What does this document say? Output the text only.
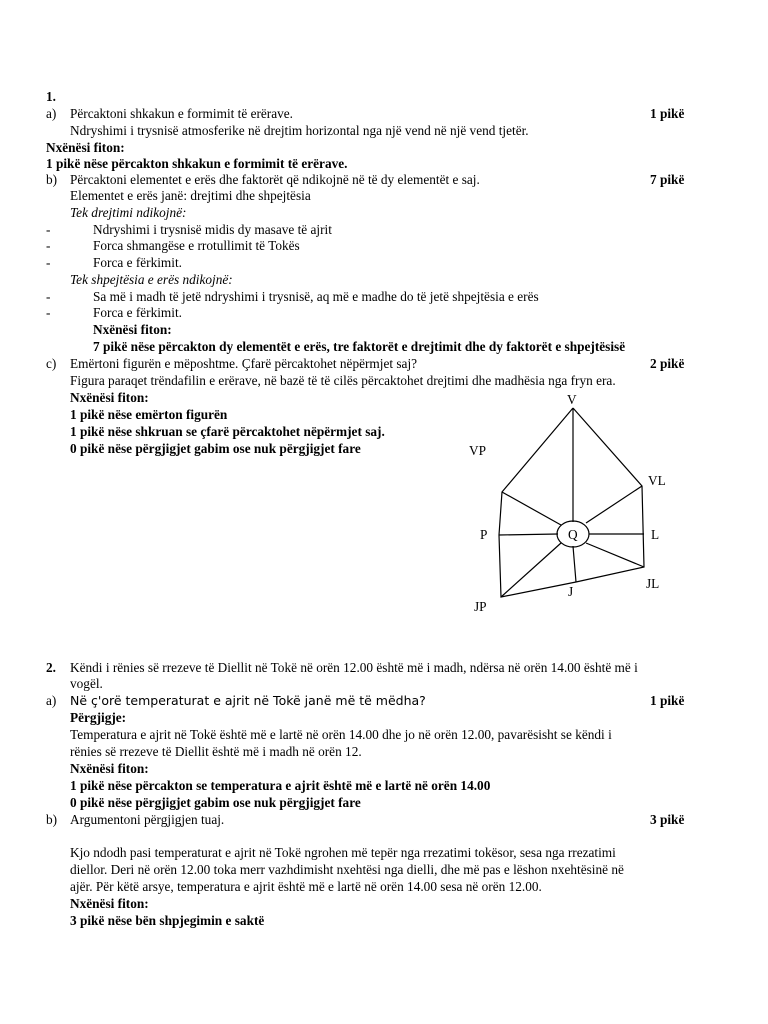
1.
a) Përcaktoni shkakun e formimit të erërave.	1 pikë
Ndryshimi i trysnisë atmosferike në drejtim horizontal nga një vend në një vend tjetër.
Nxënësi fiton:
1 pikë nëse përcakton shkakun e formimit të erërave.
b) Përcaktoni elementet e erës dhe faktorët që ndikojnë në të dy elementët e saj.	7 pikë
Elementet e erës janë: drejtimi dhe shpejtësia
Tek drejtimi ndikojnë:
-	Ndryshimi i trysnisë midis dy masave të ajrit
-	Forca shmangëse e rrotullimit të Tokës
-	Forca e fërkimit.
Tek shpejtësia e erës ndikojnë:
-	Sa më i madh të jetë ndryshimi i trysnisë, aq më e madhe do të jetë shpejtësia e erës
-	Forca e fërkimit.
Nxënësi fiton:
7 pikë nëse përcakton dy elementët e erës, tre faktorët e drejtimit dhe dy faktorët e shpejtësisë
c) Emërtoni figurën e mëposhtme. Çfarë përcaktohet nëpërmjet saj?	2 pikë
Figura paraqet trëndafilin e erërave, në bazë të të cilës përcaktohet drejtimi dhe madhësia nga fryn era.
Nxënësi fiton:
1 pikë nëse emërton figurën
1 pikë nëse shkruan se çfarë përcaktohet nëpërmjet saj.
0 pikë nëse përgjigjet gabim ose nuk përgjigjet fare
V
VP
VL
P	Q	L
JP
J
JL
2. Këndi i rënies së rrezeve të Diellit në Tokë në orën 12.00 është më i madh, ndërsa në orën 14.00 është më i
vogël.
a) Në ç'orë temperaturat e ajrit në Tokë janë më të mëdha?	1 pikë
Përgjigje:
Temperatura e ajrit në Tokë është më e lartë në orën 14.00 dhe jo në orën 12.00, pavarësisht se këndi i
rënies së rrezeve të Diellit është më i madh në orën 12.
Nxënësi fiton:
1 pikë nëse përcakton se temperatura e ajrit është më e lartë në orën 14.00
0 pikë nëse përgjigjet gabim ose nuk përgjigjet fare
b) Argumentoni përgjigjen tuaj.	3 pikë
Kjo ndodh pasi temperaturat e ajrit në Tokë ngrohen më tepër nga rrezatimi tokësor, sesa nga rrezatimi
diellor. Deri në orën 12.00 toka merr vazhdimisht nxehtësi nga dielli, dhe më pas e lëshon nxehtësinë në
ajër. Për këtë arsye, temperatura e ajrit është më e lartë në orën 14.00 sesa në orën 12.00.
Nxënësi fiton:
3 pikë nëse bën shpjegimin e saktë
